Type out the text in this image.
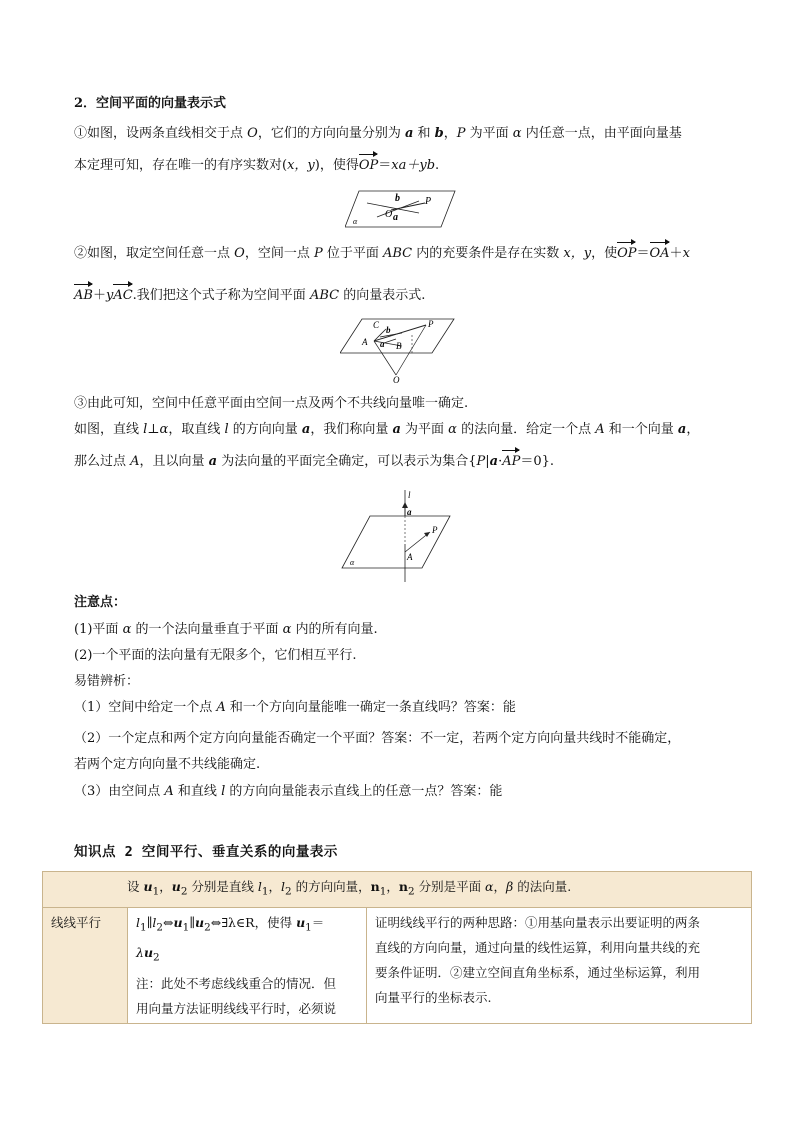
2．空间平面的向量表示式
①如图，设两条直线相交于点 O，它们的方向向量分别为 a 和 b，P 为平面 α 内任意一点，由平面向量基
本定理可知，存在唯一的有序实数对(x，y)，使得OP＝xa＋yb.
b
O a
P
α
②如图，取定空间任意一点 O，空间一点 P 位于平面 ABC 内的充要条件是存在实数 x，y，使OP＝OA＋x
AB＋yAC.我们把这个式子称为空间平面 ABC 的向量表示式.
C b
P
A a B
O
③由此可知，空间中任意平面由空间一点及两个不共线向量唯一确定.
如图，直线 l⊥α，取直线 l 的方向向量 a，我们称向量 a 为平面 α 的法向量．给定一个点 A 和一个向量 a，
那么过点 A，且以向量 a 为法向量的平面完全确定，可以表示为集合{P|a·AP＝0}.
l
a
P
A
α
注意点：
(1)平面 α 的一个法向量垂直于平面 α 内的所有向量.
(2)一个平面的法向量有无限多个，它们相互平行.
易错辨析：
（1）空间中给定一个点 A 和一个方向向量能唯一确定一条直线吗？答案：能
（2）一个定点和两个定方向向量能否确定一个平面？答案：不一定，若两个定方向向量共线时不能确定，
若两个定方向向量不共线能确定.
（3）由空间点 A 和直线 l 的方向向量能表示直线上的任意一点？答案：能
知识点 2 空间平行、垂直关系的向量表示
设 $u_1$，$u_2$ 分别是直线 $l_1$，$l_2$ 的方向向量，$n_1$，$n_2$ 分别是平面 α，β 的法向量.
线线平行	$l_1\parallel l_2\Leftrightarrow u_1\parallel u_2\Leftrightarrow\exists\lambda\in R$，使得 $u_1=$
$\lambda u_2$
注：此处不考虑线线重合的情况．但
用向量方法证明线线平行时，必须说

证明线线平行的两种思路：①用基向量表示出要证明的两条
直线的方向向量，通过向量的线性运算，利用向量共线的充
要条件证明．②建立空间直角坐标系，通过坐标运算，利用
向量平行的坐标表示.
